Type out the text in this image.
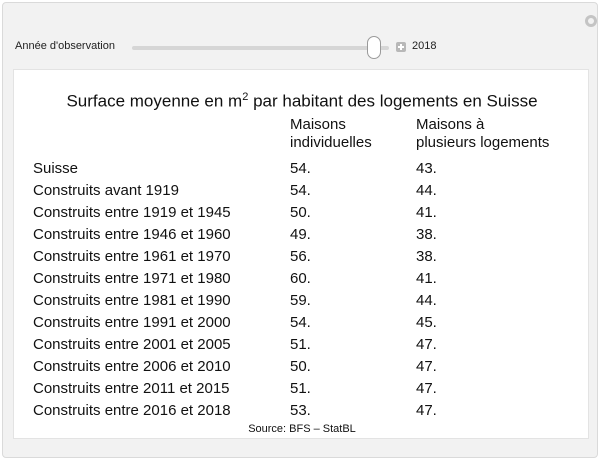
Année d'observation	2018
Surface moyenne en $m^2$ par habitant des logements en Suisse
Maisons
individuelles
Maisons à
plusieurs logements
Suisse	54.	43.
Construits avant 1919	54.	44.
Construits entre 1919 et 1945	50.	41.
Construits entre 1946 et 1960	49.	38.
Construits entre 1961 et 1970	56.	38.
Construits entre 1971 et 1980	60.	41.
Construits entre 1981 et 1990	59.	44.
Construits entre 1991 et 2000	54.	45.
Construits entre 2001 et 2005	51.	47.
Construits entre 2006 et 2010	50.	47.
Construits entre 2011 et 2015	51.	47.
Construits entre 2016 et 2018	53.	47.
Source: BFS – StatBL
